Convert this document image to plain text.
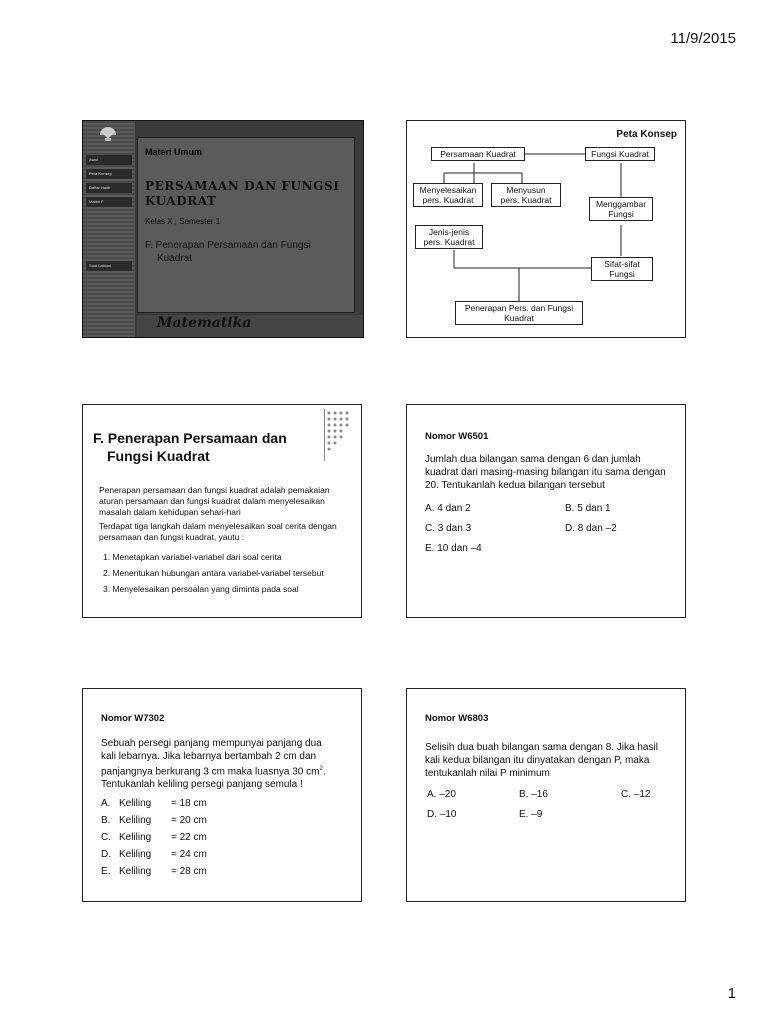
11/9/2015
Awal
Peta Konsep
Daftar Hadir
Materi F
Soal Latihan
Materi Umum
PERSAMAAN DAN FUNGSI KUADRAT
Kelas X , Semester 1
F. Penerapan Persamaan dan Fungsi
Kuadrat
Matematika
Peta Konsep
Persamaan Kuadrat	Fungsi Kuadrat
Menyelesaikan
pers. Kuadrat
Menyusun
pers. Kuadrat	Menggambar
Fungsi
Jenis-jenis
pers. Kuadrat
Sifat-sifat
Fungsi
Penerapan Pers. dan Fungsi
Kuadrat
F. Penerapan Persamaan dan
Fungsi Kuadrat
Penerapan persamaan dan fungsi kuadrat adalah pemakaian aturan persamaan dan fungsi kuadrat dalam menyelesaikan masalah dalam kehidupan sehari-hari
Terdapat tiga langkah dalam menyelesaikan soal cerita dengan persamaan dan fungsi kuadrat, yautu :
1. Menetapkan variabel-variabel dari soal cerita
2. Menentukan hubungan antara variabel-variabel tersebut
3. Menyelesaikan persoalan yang diminta pada soal
Nomor W6501
Jumlah dua bilangan sama dengan 6 dan jumlah kuadrat dari masing-masing bilangan itu sama dengan 20. Tentukanlah kedua bilangan tersebut
A. 4 dan 2	B. 5 dan 1
C. 3 dan 3	D. 8 dan –2
E. 10 dan –4
Nomor W7302
Sebuah persegi panjang mempunyai panjang dua
kali lebarnya. Jika lebarnya bertambah 2 cm dan
panjangnya berkurang 3 cm maka luasnya 30 $cm^2$.
Tentukanlah keliling persegi panjang semula !
A. Keliling = 18 cm
B. Keliling = 20 cm
C. Keliling = 22 cm
D. Keliling = 24 cm
E. Keliling = 28 cm
Nomor W6803
Selisih dua buah bilangan sama dengan 8. Jika hasil kali kedua bilangan itu dinyatakan dengan P, maka tentukanlah nilai P minimum
A. –20	B. –16	C. –12
D. –10	E. –9
1
